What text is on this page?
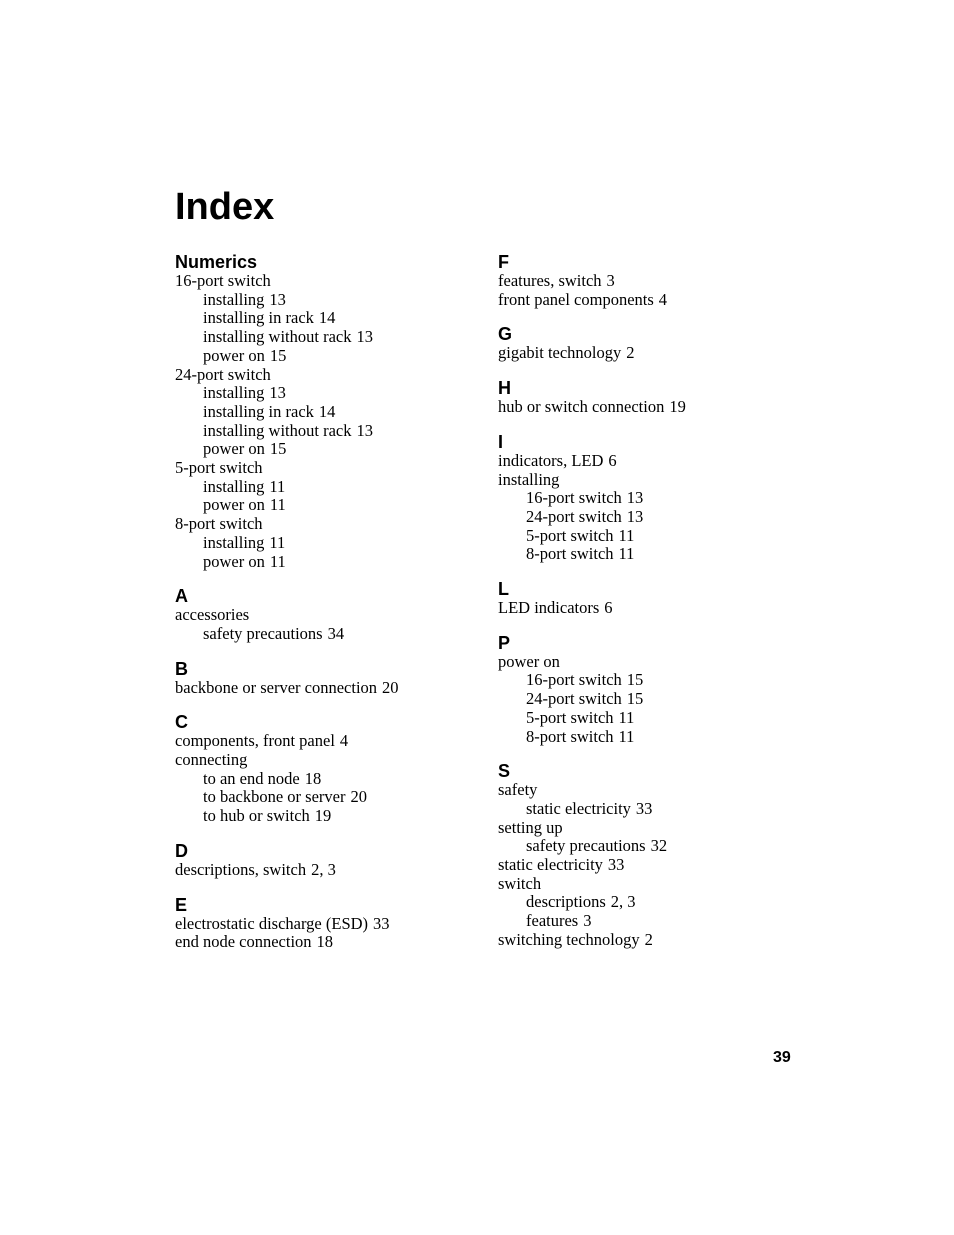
Index
Numerics
16-port switch
installing 13
installing in rack 14
installing without rack 13
power on 15
24-port switch
installing 13
installing in rack 14
installing without rack 13
power on 15
5-port switch
installing 11
power on 11
8-port switch
installing 11
power on 11
A
accessories
safety precautions 34
B
backbone or server connection 20
C
components, front panel 4
connecting
to an end node 18
to backbone or server 20
to hub or switch 19
D
descriptions, switch 2, 3
E
electrostatic discharge (ESD) 33
end node connection 18
F
features, switch 3
front panel components 4
G
gigabit technology 2
H
hub or switch connection 19
I
indicators, LED 6
installing
16-port switch 13
24-port switch 13
5-port switch 11
8-port switch 11
L
LED indicators 6
P
power on
16-port switch 15
24-port switch 15
5-port switch 11
8-port switch 11
S
safety
static electricity 33
setting up
safety precautions 32
static electricity 33
switch
descriptions 2, 3
features 3
switching technology 2
39
